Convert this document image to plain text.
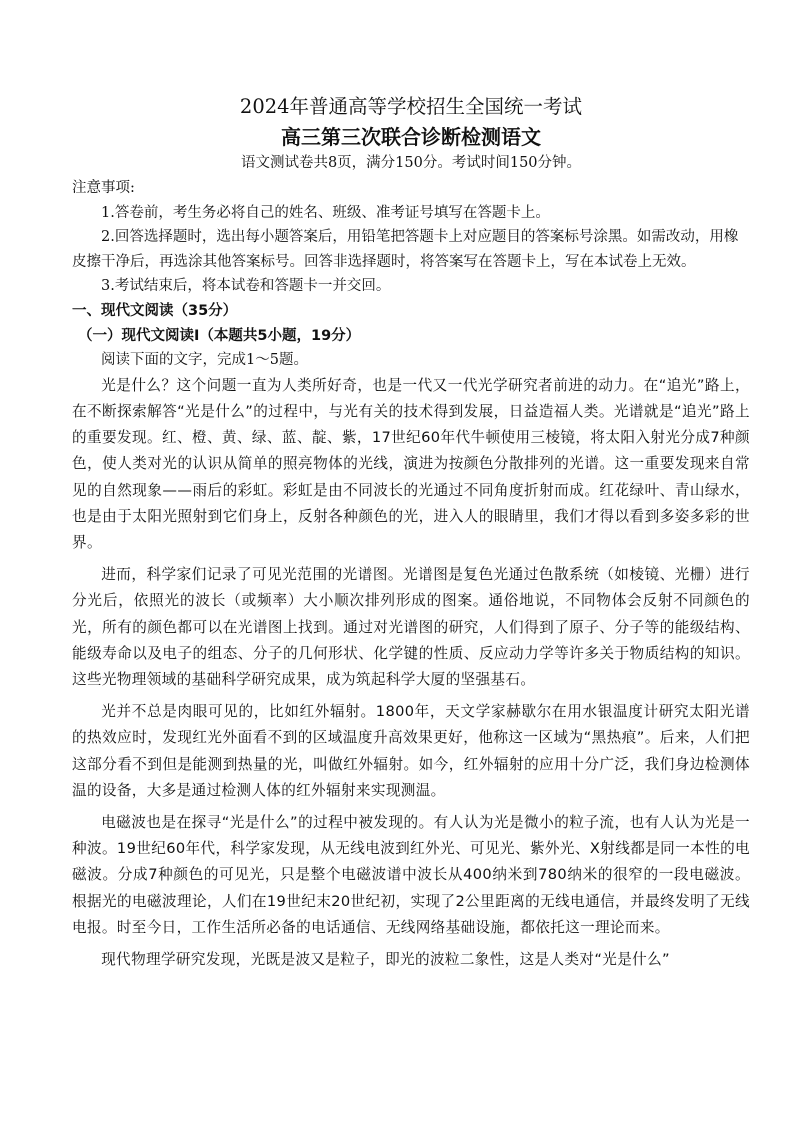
2024年普通高等学校招生全国统一考试
高三第三次联合诊断检测语文

语文测试卷共8页，满分150分。考试时间150分钟。

注意事项:

1.答卷前，考生务必将自己的姓名、班级、准考证号填写在答题卡上。

2.回答选择题时，选出每小题答案后，用铅笔把答题卡上对应题目的答案标号涂黑。如需改动，用橡皮擦干净后，再选涂其他答案标号。回答非选择题时，将答案写在答题卡上，写在本试卷上无效。

3.考试结束后，将本试卷和答题卡一并交回。

一、现代文阅读（35分）

（一）现代文阅读Ⅰ（本题共5小题，19分）

阅读下面的文字，完成1～5题。

光是什么？这个问题一直为人类所好奇，也是一代又一代光学研究者前进的动力。在“追光”路上，在不断探索解答“光是什么”的过程中，与光有关的技术得到发展，日益造福人类。光谱就是“追光”路上的重要发现。红、橙、黄、绿、蓝、靛、紫，17世纪60年代牛顿使用三棱镜，将太阳入射光分成7种颜色，使人类对光的认识从简单的照亮物体的光线，演进为按颜色分散排列的光谱。这一重要发现来自常见的自然现象——雨后的彩虹。彩虹是由不同波长的光通过不同角度折射而成。红花绿叶、青山绿水，也是由于太阳光照射到它们身上，反射各种颜色的光，进入人的眼睛里，我们才得以看到多姿多彩的世界。

进而，科学家们记录了可见光范围的光谱图。光谱图是复色光通过色散系统（如棱镜、光栅）进行分光后，依照光的波长（或频率）大小顺次排列形成的图案。通俗地说，不同物体会反射不同颜色的光，所有的颜色都可以在光谱图上找到。通过对光谱图的研究，人们得到了原子、分子等的能级结构、能级寿命以及电子的组态、分子的几何形状、化学键的性质、反应动力学等许多关于物质结构的知识。这些光物理领域的基础科学研究成果，成为筑起科学大厦的坚强基石。

光并不总是肉眼可见的，比如红外辐射。1800年，天文学家赫歇尔在用水银温度计研究太阳光谱的热效应时，发现红光外面看不到的区域温度升高效果更好，他称这一区域为“黑热痕”。后来，人们把这部分看不到但是能测到热量的光，叫做红外辐射。如今，红外辐射的应用十分广泛，我们身边检测体温的设备，大多是通过检测人体的红外辐射来实现测温。

电磁波也是在探寻“光是什么”的过程中被发现的。有人认为光是微小的粒子流，也有人认为光是一种波。19世纪60年代，科学家发现，从无线电波到红外光、可见光、紫外光、X射线都是同一本性的电磁波。分成7种颜色的可见光，只是整个电磁波谱中波长从400纳米到780纳米的很窄的一段电磁波。根据光的电磁波理论，人们在19世纪末20世纪初，实现了2公里距离的无线电通信，并最终发明了无线电报。时至今日，工作生活所必备的电话通信、无线网络基础设施，都依托这一理论而来。

现代物理学研究发现，光既是波又是粒子，即光的波粒二象性，这是人类对“光是什么”
